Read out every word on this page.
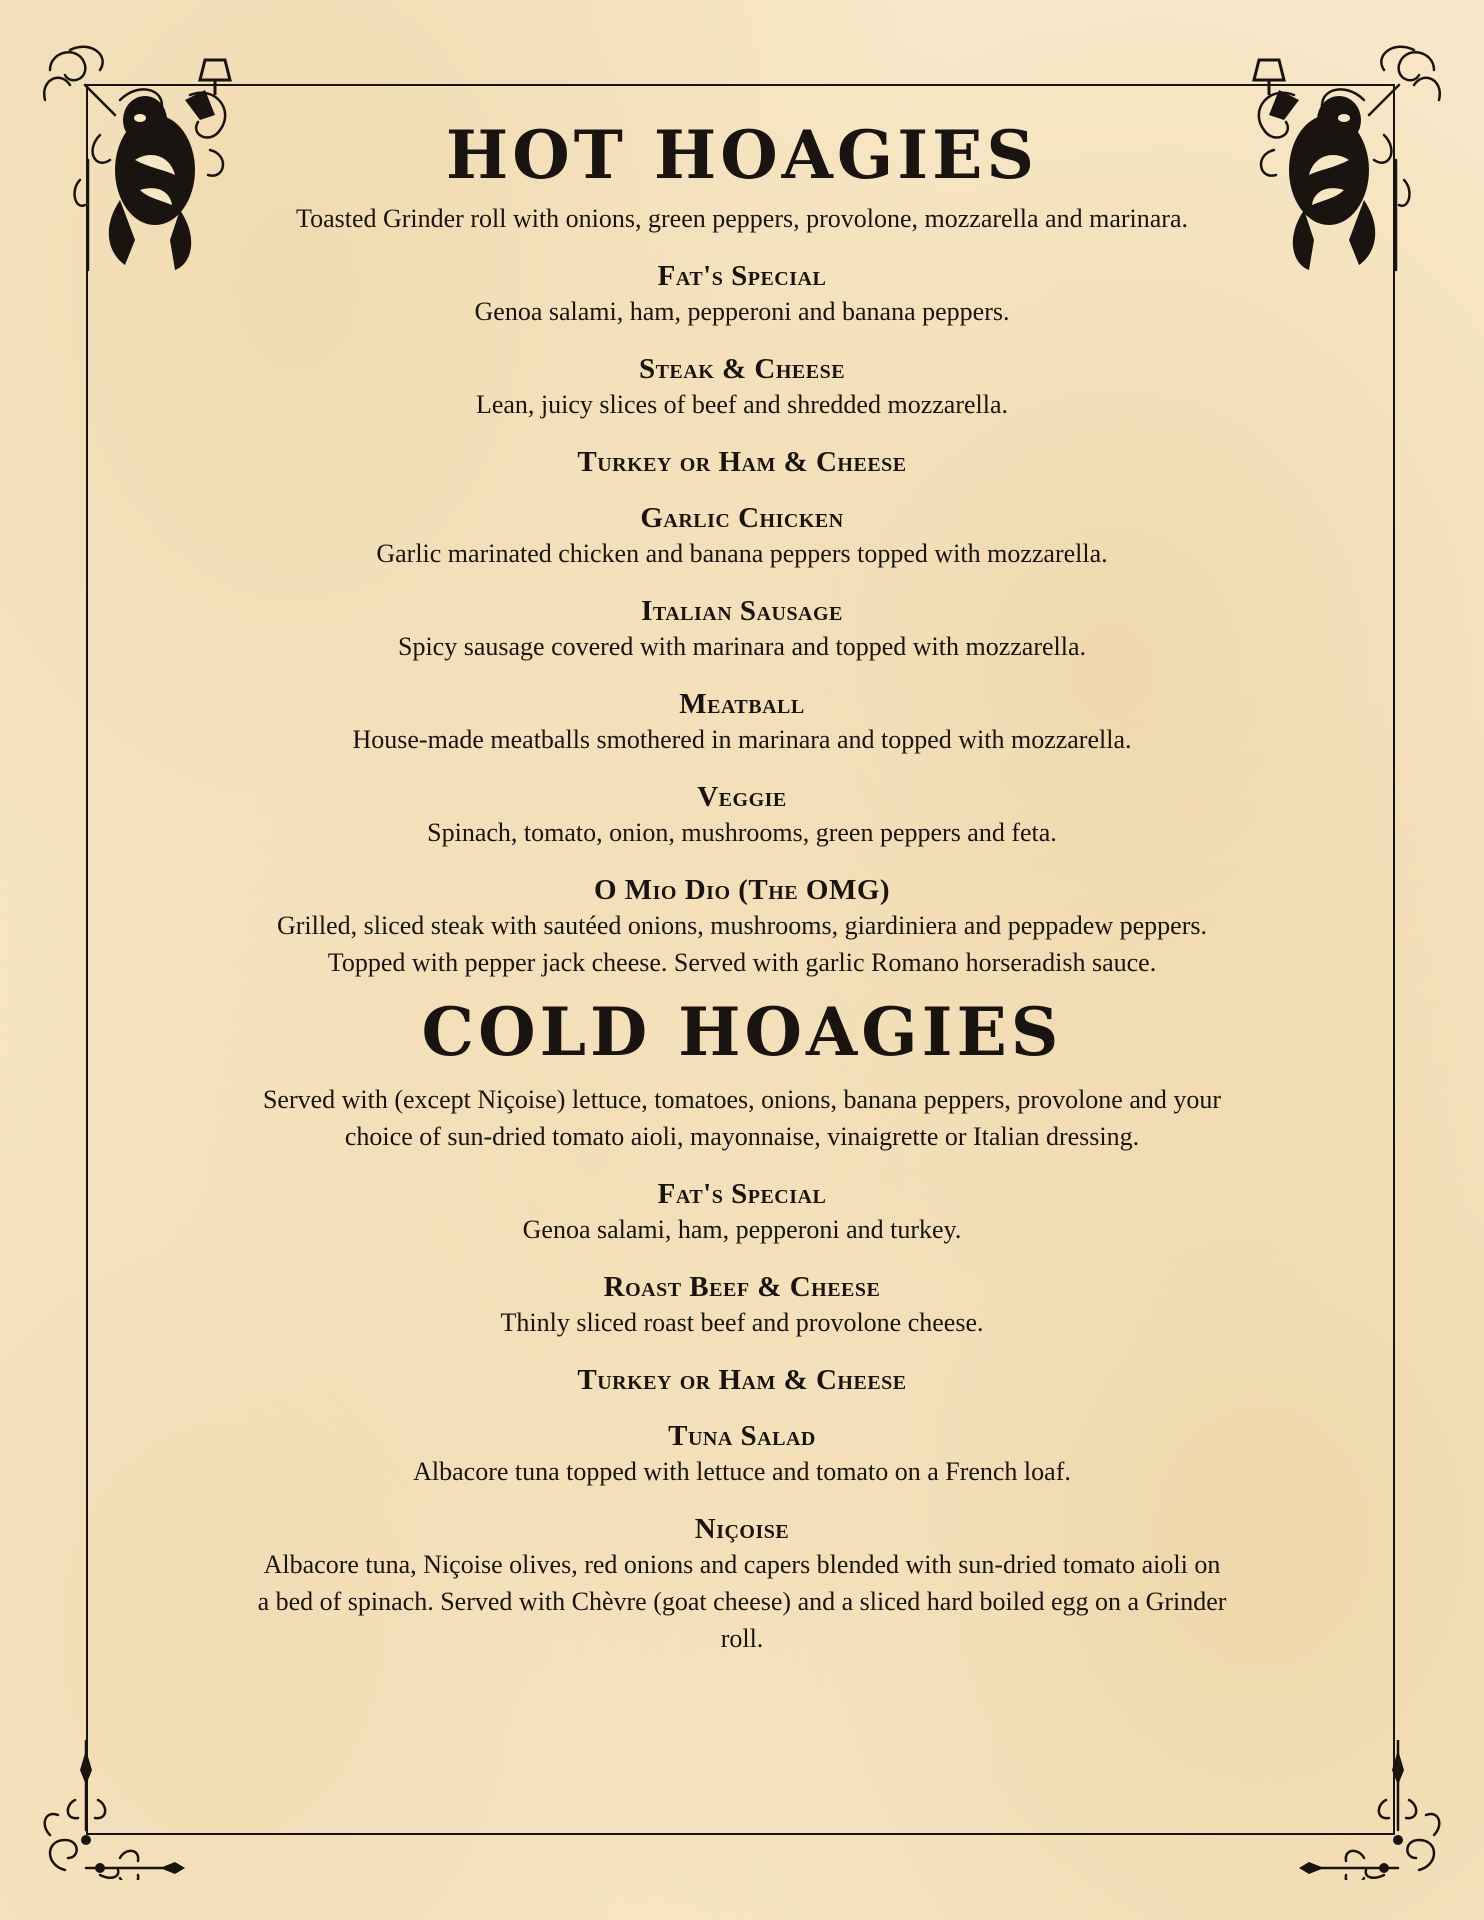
HOT HOAGIES

Toasted Grinder roll with onions, green peppers, provolone, mozzarella and marinara.

Fat's Special
Genoa salami, ham, pepperoni and banana peppers.
Steak & Cheese
Lean, juicy slices of beef and shredded mozzarella.
Turkey or Ham & Cheese
Garlic Chicken
Garlic marinated chicken and banana peppers topped with mozzarella.
Italian Sausage
Spicy sausage covered with marinara and topped with mozzarella.
Meatball
House-made meatballs smothered in marinara and topped with mozzarella.
Veggie
Spinach, tomato, onion, mushrooms, green peppers and feta.
O Mio Dio (The OMG)
Grilled, sliced steak with sautéed onions, mushrooms, giardiniera and peppadew peppers.
Topped with pepper jack cheese. Served with garlic Romano horseradish sauce.
COLD HOAGIES

Served with (except Niçoise) lettuce, tomatoes, onions, banana peppers, provolone and your
choice of sun-dried tomato aioli, mayonnaise, vinaigrette or Italian dressing.

Fat's Special
Genoa salami, ham, pepperoni and turkey.
Roast Beef & Cheese
Thinly sliced roast beef and provolone cheese.
Turkey or Ham & Cheese
Tuna Salad
Albacore tuna topped with lettuce and tomato on a French loaf.
Niçoise
Albacore tuna, Niçoise olives, red onions and capers blended with sun-dried tomato aioli on
a bed of spinach. Served with Chèvre (goat cheese) and a sliced hard boiled egg on a Grinder
roll.
